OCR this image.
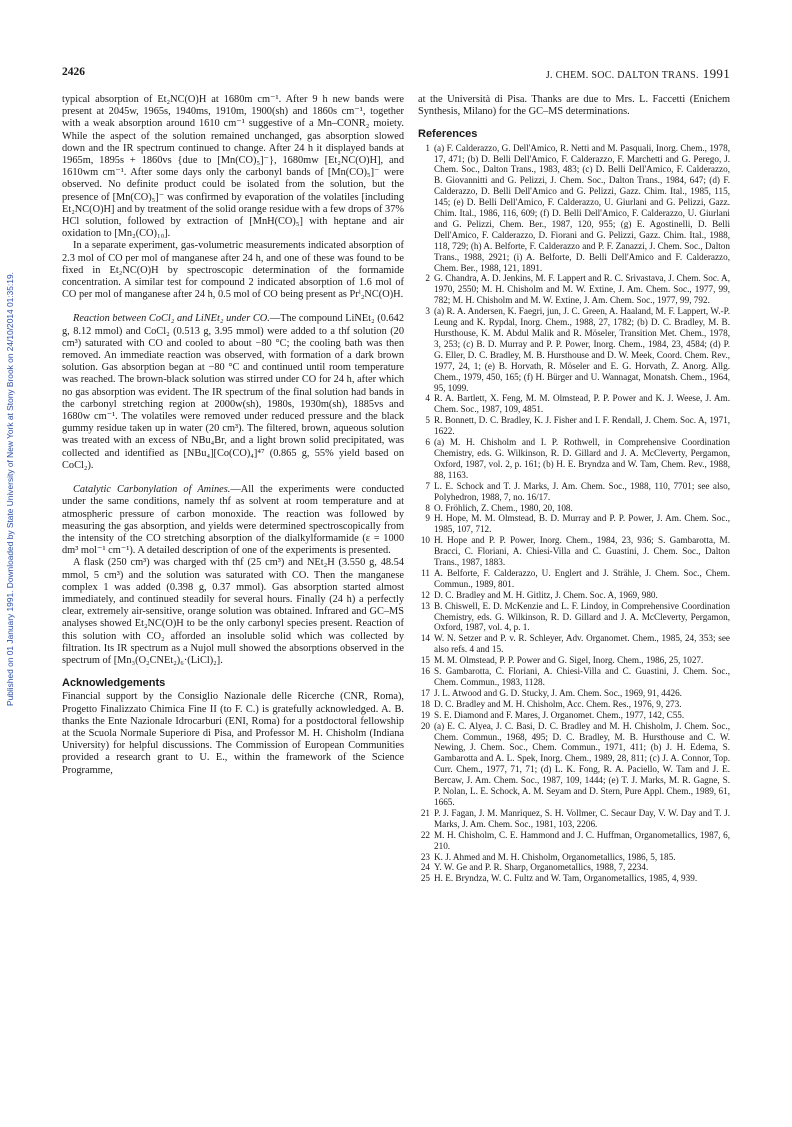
Published on 01 January 1991. Downloaded by State University of New York at Stony Brook on 24/10/2014 01:35:19.
2426	J. CHEM. SOC. DALTON TRANS. 1991

typical absorption of Et₂NC(O)H at 1680m cm⁻¹. After 9 h new bands were present at 2045w, 1965s, 1940ms, 1910m, 1900(sh) and 1860s cm⁻¹, together with a weak absorption around 1610 cm⁻¹ suggestive of a Mn–CONR₂ moiety. While the aspect of the solution remained unchanged, gas absorption slowed down and the IR spectrum continued to change. After 24 h it displayed bands at 1965m, 1895s + 1860vs {due to [Mn(CO)₅]⁻}, 1680mw [Et₂NC(O)H], and 1610wm cm⁻¹. After some days only the carbonyl bands of [Mn(CO)₅]⁻ were observed. No definite product could be isolated from the solution, but the presence of [Mn(CO)₅]⁻ was confirmed by evaporation of the volatiles [including Et₂NC(O)H] and by treatment of the solid orange residue with a few drops of 37% HCl solution, followed by extraction of [MnH(CO)₅] with heptane and air oxidation to [Mn₂(CO)₁₀].

In a separate experiment, gas-volumetric measurements indicated absorption of 2.3 mol of CO per mol of manganese after 24 h, and one of these was found to be fixed in Et₂NC(O)H by spectroscopic determination of the formamide concentration. A similar test for compound 2 indicated absorption of 1.6 mol of CO per mol of manganese after 24 h, 0.5 mol of CO being present as Prⁱ₂NC(O)H.

Reaction between CoCl₂ and LiNEt₂ under CO.—The compound LiNEt₂ (0.642 g, 8.12 mmol) and CoCl₂ (0.513 g, 3.95 mmol) were added to a thf solution (20 cm³) saturated with CO and cooled to about −80 °C; the cooling bath was then removed. An immediate reaction was observed, with formation of a dark brown solution. Gas absorption began at −80 °C and continued until room temperature was reached. The brown-black solution was stirred under CO for 24 h, after which no gas absorption was evident. The IR spectrum of the final solution had bands in the carbonyl stretching region at 2000w(sh), 1980s, 1930m(sh), 1885vs and 1680w cm⁻¹. The volatiles were removed under reduced pressure and the black gummy residue taken up in water (20 cm³). The filtered, brown, aqueous solution was treated with an excess of NBu₄Br, and a light brown solid precipitated, was collected and identified as [NBu₄][Co(CO)₄]⁴⁷ (0.865 g, 55% yield based on CoCl₂).

Catalytic Carbonylation of Amines.—All the experiments were conducted under the same conditions, namely thf as solvent at room temperature and at atmospheric pressure of carbon monoxide. The reaction was followed by measuring the gas absorption, and yields were determined spectroscopically from the intensity of the CO stretching absorption of the dialkylformamide (ε = 1000 dm³ mol⁻¹ cm⁻¹). A detailed description of one of the experiments is presented.

A flask (250 cm³) was charged with thf (25 cm³) and NEt₂H (3.550 g, 48.54 mmol, 5 cm³) and the solution was saturated with CO. Then the manganese complex 1 was added (0.398 g, 0.37 mmol). Gas absorption started almost immediately, and continued steadily for several hours. Finally (24 h) a perfectly clear, extremely air-sensitive, orange solution was obtained. Infrared and GC–MS analyses showed Et₂NC(O)H to be the only carbonyl species present. Reaction of this solution with CO₂ afforded an insoluble solid which was collected by filtration. Its IR spectrum as a Nujol mull showed the absorptions observed in the spectrum of [Mn₃(O₂CNEt₂)₆·(LiCl)₂].

Acknowledgements

Financial support by the Consiglio Nazionale delle Ricerche (CNR, Roma), Progetto Finalizzato Chimica Fine II (to F. C.) is gratefully acknowledged. A. B. thanks the Ente Nazionale Idrocarburi (ENI, Roma) for a postdoctoral fellowship at the Scuola Normale Superiore di Pisa, and Professor M. H. Chisholm (Indiana University) for helpful discussions. The Commission of European Communities provided a research grant to U. E., within the framework of the Science Programme,

at the Università di Pisa. Thanks are due to Mrs. L. Faccetti (Enichem Synthesis, Milano) for the GC–MS determinations.

References
1 (a) F. Calderazzo, G. Dell'Amico, R. Netti and M. Pasquali, Inorg. Chem., 1978, 17, 471; (b) D. Belli Dell'Amico, F. Calderazzo, F. Marchetti and G. Perego, J. Chem. Soc., Dalton Trans., 1983, 483; (c) D. Belli Dell'Amico, F. Calderazzo, B. Giovannitti and G. Pelizzi, J. Chem. Soc., Dalton Trans., 1984, 647; (d) F. Calderazzo, D. Belli Dell'Amico and G. Pelizzi, Gazz. Chim. Ital., 1985, 115, 145; (e) D. Belli Dell'Amico, F. Calderazzo, U. Giurlani and G. Pelizzi, Gazz. Chim. Ital., 1986, 116, 609; (f) D. Belli Dell'Amico, F. Calderazzo, U. Giurlani and G. Pelizzi, Chem. Ber., 1987, 120, 955; (g) E. Agostinelli, D. Belli Dell'Amico, F. Calderazzo, D. Fiorani and G. Pelizzi, Gazz. Chim. Ital., 1988, 118, 729; (h) A. Belforte, F. Calderazzo and P. F. Zanazzi, J. Chem. Soc., Dalton Trans., 1988, 2921; (i) A. Belforte, D. Belli Dell'Amico and F. Calderazzo, Chem. Ber., 1988, 121, 1891.
2 G. Chandra, A. D. Jenkins, M. F. Lappert and R. C. Srivastava, J. Chem. Soc. A, 1970, 2550; M. H. Chisholm and M. W. Extine, J. Am. Chem. Soc., 1977, 99, 782; M. H. Chisholm and M. W. Extine, J. Am. Chem. Soc., 1977, 99, 792.
3 (a) R. A. Andersen, K. Faegri, jun, J. C. Green, A. Haaland, M. F. Lappert, W.-P. Leung and K. Rypdal, Inorg. Chem., 1988, 27, 1782; (b) D. C. Bradley, M. B. Hursthouse, K. M. Abdul Malik and R. Möseler, Transition Met. Chem., 1978, 3, 253; (c) B. D. Murray and P. P. Power, Inorg. Chem., 1984, 23, 4584; (d) P. G. Eller, D. C. Bradley, M. B. Hursthouse and D. W. Meek, Coord. Chem. Rev., 1977, 24, 1; (e) B. Horvath, R. Möseler and E. G. Horvath, Z. Anorg. Allg. Chem., 1979, 450, 165; (f) H. Bürger and U. Wannagat, Monatsh. Chem., 1964, 95, 1099.
4 R. A. Bartlett, X. Feng, M. M. Olmstead, P. P. Power and K. J. Weese, J. Am. Chem. Soc., 1987, 109, 4851.
5 R. Bonnett, D. C. Bradley, K. J. Fisher and I. F. Rendall, J. Chem. Soc. A, 1971, 1622.
6 (a) M. H. Chisholm and I. P. Rothwell, in Comprehensive Coordination Chemistry, eds. G. Wilkinson, R. D. Gillard and J. A. McCleverty, Pergamon, Oxford, 1987, vol. 2, p. 161; (b) H. E. Bryndza and W. Tam, Chem. Rev., 1988, 88, 1163.
7 L. E. Schock and T. J. Marks, J. Am. Chem. Soc., 1988, 110, 7701; see also, Polyhedron, 1988, 7, no. 16/17.
8 O. Fröhlich, Z. Chem., 1980, 20, 108.
9 H. Hope, M. M. Olmstead, B. D. Murray and P. P. Power, J. Am. Chem. Soc., 1985, 107, 712.
10 H. Hope and P. P. Power, Inorg. Chem., 1984, 23, 936; S. Gambarotta, M. Bracci, C. Floriani, A. Chiesi-Villa and C. Guastini, J. Chem. Soc., Dalton Trans., 1987, 1883.
11 A. Belforte, F. Calderazzo, U. Englert and J. Strähle, J. Chem. Soc., Chem. Commun., 1989, 801.
12 D. C. Bradley and M. H. Gitlitz, J. Chem. Soc. A, 1969, 980.
13 B. Chiswell, E. D. McKenzie and L. F. Lindoy, in Comprehensive Coordination Chemistry, eds. G. Wilkinson, R. D. Gillard and J. A. McCleverty, Pergamon, Oxford, 1987, vol. 4, p. 1.
14 W. N. Setzer and P. v. R. Schleyer, Adv. Organomet. Chem., 1985, 24, 353; see also refs. 4 and 15.
15 M. M. Olmstead, P. P. Power and G. Sigel, Inorg. Chem., 1986, 25, 1027.
16 S. Gambarotta, C. Floriani, A. Chiesi-Villa and C. Guastini, J. Chem. Soc., Chem. Commun., 1983, 1128.
17 J. L. Atwood and G. D. Stucky, J. Am. Chem. Soc., 1969, 91, 4426.
18 D. C. Bradley and M. H. Chisholm, Acc. Chem. Res., 1976, 9, 273.
19 S. E. Diamond and F. Mares, J. Organomet. Chem., 1977, 142, C55.
20 (a) E. C. Alyea, J. C. Basi, D. C. Bradley and M. H. Chisholm, J. Chem. Soc., Chem. Commun., 1968, 495; D. C. Bradley, M. B. Hursthouse and C. W. Newing, J. Chem. Soc., Chem. Commun., 1971, 411; (b) J. H. Edema, S. Gambarotta and A. L. Spek, Inorg. Chem., 1989, 28, 811; (c) J. A. Connor, Top. Curr. Chem., 1977, 71, 71; (d) L. K. Fong, R. A. Paciello, W. Tam and J. E. Bercaw, J. Am. Chem. Soc., 1987, 109, 1444; (e) T. J. Marks, M. R. Gagne, S. P. Nolan, L. E. Schock, A. M. Seyam and D. Stern, Pure Appl. Chem., 1989, 61, 1665.
21 P. J. Fagan, J. M. Manriquez, S. H. Vollmer, C. Secaur Day, V. W. Day and T. J. Marks, J. Am. Chem. Soc., 1981, 103, 2206.
22 M. H. Chisholm, C. E. Hammond and J. C. Huffman, Organometallics, 1987, 6, 210.
23 K. J. Ahmed and M. H. Chisholm, Organometallics, 1986, 5, 185.
24 Y. W. Ge and P. R. Sharp, Organometallics, 1988, 7, 2234.
25 H. E. Bryndza, W. C. Fultz and W. Tam, Organometallics, 1985, 4, 939.
